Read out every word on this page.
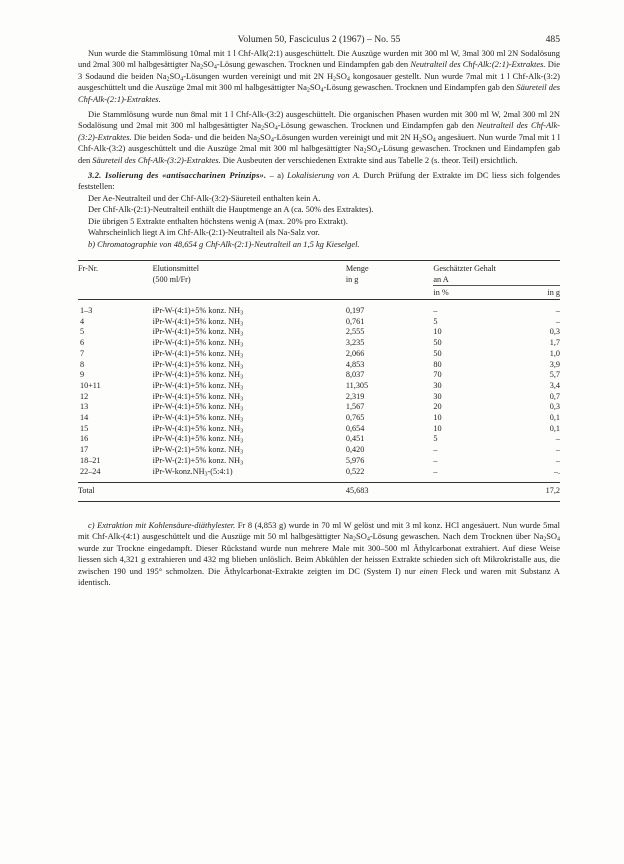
Volumen 50, Fasciculus 2 (1967) – No. 55	485

Nun wurde die Stammlösung 10mal mit 1 l Chf-Alk(2:1) ausgeschüttelt. Die Auszüge wurden mit 300 ml W, 3mal 300 ml 2N Sodalösung und 2mal 300 ml halbgesättigter $Na_2SO_4$-Lösung gewaschen. Trocknen und Eindampfen gab den Neutralteil des Chf-Alk:(2:1)-Extraktes. Die 3 Sodaund die beiden $Na_2SO_4$-Lösungen wurden vereinigt und mit 2N $H_2SO_4$ kongosauer gestellt. Nun wurde 7mal mit 1 l Chf-Alk-(3:2) ausgeschüttelt und die Auszüge 2mal mit 300 ml halbgesättigter $Na_2SO_4$-Lösung gewaschen. Trocknen und Eindampfen gab den Säureteil des Chf-Alk-(2:1)-Extraktes.

Die Stammlösung wurde nun 8mal mit 1 l Chf-Alk-(3:2) ausgeschüttelt. Die organischen Phasen wurden mit 300 ml W, 2mal 300 ml 2N Sodalösung und 2mal mit 300 ml halbgesättigter $Na_2SO_4$-Lösung gewaschen. Trocknen und Eindampfen gab den Neutralteil des Chf-Alk-(3:2)-Extraktes. Die beiden Soda- und die beiden $Na_2SO_4$-Lösungen wurden vereinigt und mit 2N $H_2SO_4$ angesäuert. Nun wurde 7mal mit 1 l Chf-Alk-(3:2) ausgeschüttelt und die Auszüge 2mal mit 300 ml halbgesättigter $Na_2SO_4$-Lösung gewaschen. Trocknen und Eindampfen gab den Säureteil des Chf-Alk-(3:2)-Extraktes. Die Ausbeuten der verschiedenen Extrakte sind aus Tabelle 2 (s. theor. Teil) ersichtlich.

3.2. Isolierung des «antisaccharinen Prinzips». – a) Lokalisierung von A. Durch Prüfung der Extrakte im DC liess sich folgendes feststellen:

Der Ae-Neutralteil und der Chf-Alk-(3:2)-Säureteil enthalten kein A.
Der Chf-Alk-(2:1)-Neutralteil enthält die Hauptmenge an A (ca. 50% des Extraktes).
Die übrigen 5 Extrakte enthalten höchstens wenig A (max. 20% pro Extrakt).
Wahrscheinlich liegt A im Chf-Alk-(2:1)-Neutralteil als Na-Salz vor.
b) Chromatographie von 48,654 g Chf-Alk-(2:1)-Neutralteil an 1,5 kg Kieselgel.
Fr-Nr.	Elutionsmittel	Menge	Geschätzter Gehalt	
	(500 ml/Fr)	in g	an A	
			in %	in g

1–3	iPr-W-(4:1)+5% konz. $NH_3$	0,197	–	–
4	iPr-W-(4:1)+5% konz. $NH_3$	0,761	5	–
5	iPr-W-(4:1)+5% konz. $NH_3$	2,555	10	0,3
6	iPr-W-(4:1)+5% konz. $NH_3$	3,235	50	1,7
7	iPr-W-(4:1)+5% konz. $NH_3$	2,066	50	1,0
8	iPr-W-(4:1)+5% konz. $NH_3$	4,853	80	3,9
9	iPr-W-(4:1)+5% konz. $NH_3$	8,037	70	5,7
10+11	iPr-W-(4:1)+5% konz. $NH_3$	11,305	30	3,4
12	iPr-W-(4:1)+5% konz. $NH_3$	2,319	30	0,7
13	iPr-W-(4:1)+5% konz. $NH_3$	1,567	20	0,3
14	iPr-W-(4:1)+5% konz. $NH_3$	0,765	10	0,1
15	iPr-W-(4:1)+5% konz. $NH_3$	0,654	10	0,1
16	iPr-W-(4:1)+5% konz. $NH_3$	0,451	5	–
17	iPr-W-(2:1)+5% konz. $NH_3$	0,420	–	–
18–21	iPr-W-(2:1)+5% konz. $NH_3$	5,976	–	–
22–24	iPr-$W-konz.NH_3-(5:4:1)$	0,522	–	–.

Total		45,683		17,2

c) Extraktion mit Kohlensäure-diäthylester. Fr 8 (4,853 g) wurde in 70 ml W gelöst und mit 3 ml konz. HCl angesäuert. Nun wurde 5mal mit Chf-Alk-(4:1) ausgeschüttelt und die Auszüge mit 50 ml halbgesättigter $Na_2SO_4$-Lösung gewaschen. Nach dem Trocknen über $Na_2SO_4$ wurde zur Trockne eingedampft. Dieser Rückstand wurde nun mehrere Male mit 300–500 ml Äthylcarbonat extrahiert. Auf diese Weise liessen sich 4,321 g extrahieren und 432 mg blieben unlöslich. Beim Abkühlen der heissen Extrakte schieden sich oft Mikrokristalle aus, die zwischen 190 und 195° schmolzen. Die Äthylcarbonat-Extrakte zeigten im DC (System I) nur einen Fleck und waren mit Substanz A identisch.
